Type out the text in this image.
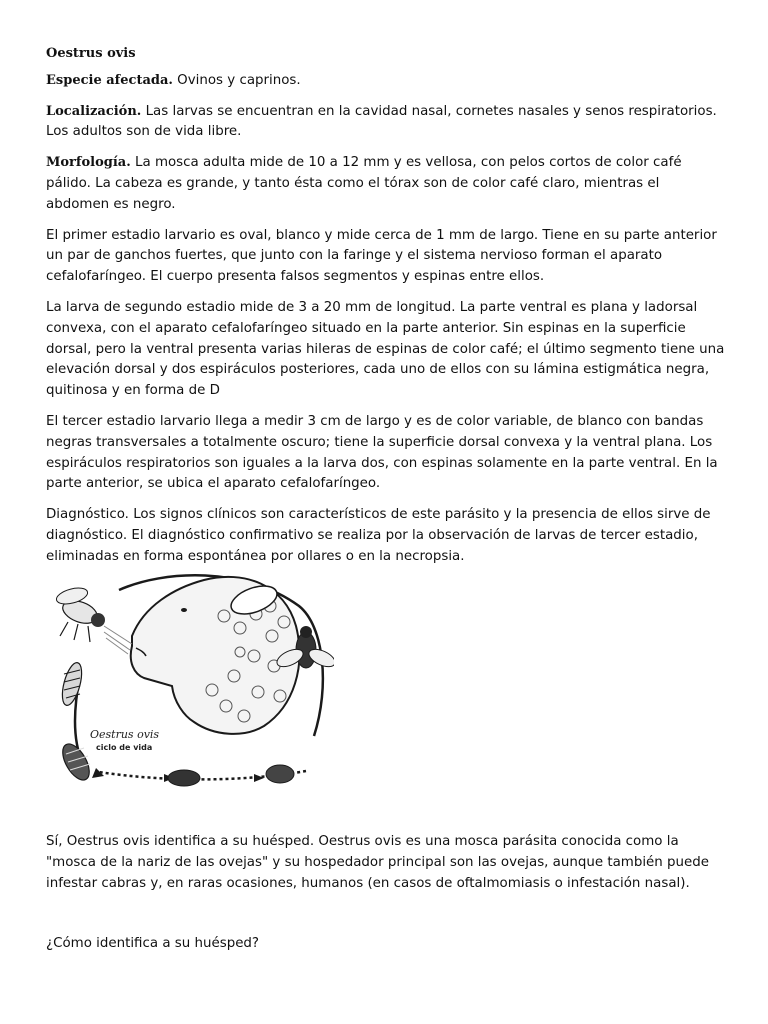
Oestrus ovis

Especie afectada. Ovinos y caprinos.

Localización. Las larvas se encuentran en la cavidad nasal, cornetes nasales y senos respiratorios. Los adultos son de vida libre.

Morfología. La mosca adulta mide de 10 a 12 mm y es vellosa, con pelos cortos de color café pálido. La cabeza es grande, y tanto ésta como el tórax son de color café claro, mientras el abdomen es negro.

El primer estadio larvario es oval, blanco y mide cerca de 1 mm de largo. Tiene en su parte anterior un par de ganchos fuertes, que junto con la faringe y el sistema nervioso forman el aparato cefalofaríngeo. El cuerpo presenta falsos segmentos y espinas entre ellos.

La larva de segundo estadio mide de 3 a 20 mm de longitud. La parte ventral es plana y ladorsal convexa, con el aparato cefalofaríngeo situado en la parte anterior. Sin espinas en la superficie dorsal, pero la ventral presenta varias hileras de espinas de color café; el último segmento tiene una elevación dorsal y dos espiráculos posteriores, cada uno de ellos con su lámina estigmática negra, quitinosa y en forma de D

El tercer estadio larvario llega a medir 3 cm de largo y es de color variable, de blanco con bandas negras transversales a totalmente oscuro; tiene la superficie dorsal convexa y la ventral plana. Los espiráculos respiratorios son iguales a la larva dos, con espinas solamente en la parte ventral. En la parte anterior, se ubica el aparato cefalofaríngeo.

Diagnóstico. Los signos clínicos son característicos de este parásito y la presencia de ellos sirve de diagnóstico. El diagnóstico confirmativo se realiza por la observación de larvas de tercer estadio, eliminadas en forma espontánea por ollares o en la necropsia.

Oestrus ovis
ciclo de vida

Sí, Oestrus ovis identifica a su huésped. Oestrus ovis es una mosca parásita conocida como la "mosca de la nariz de las ovejas" y su hospedador principal son las ovejas, aunque también puede infestar cabras y, en raras ocasiones, humanos (en casos de oftalmomiasis o infestación nasal).

¿Cómo identifica a su huésped?
